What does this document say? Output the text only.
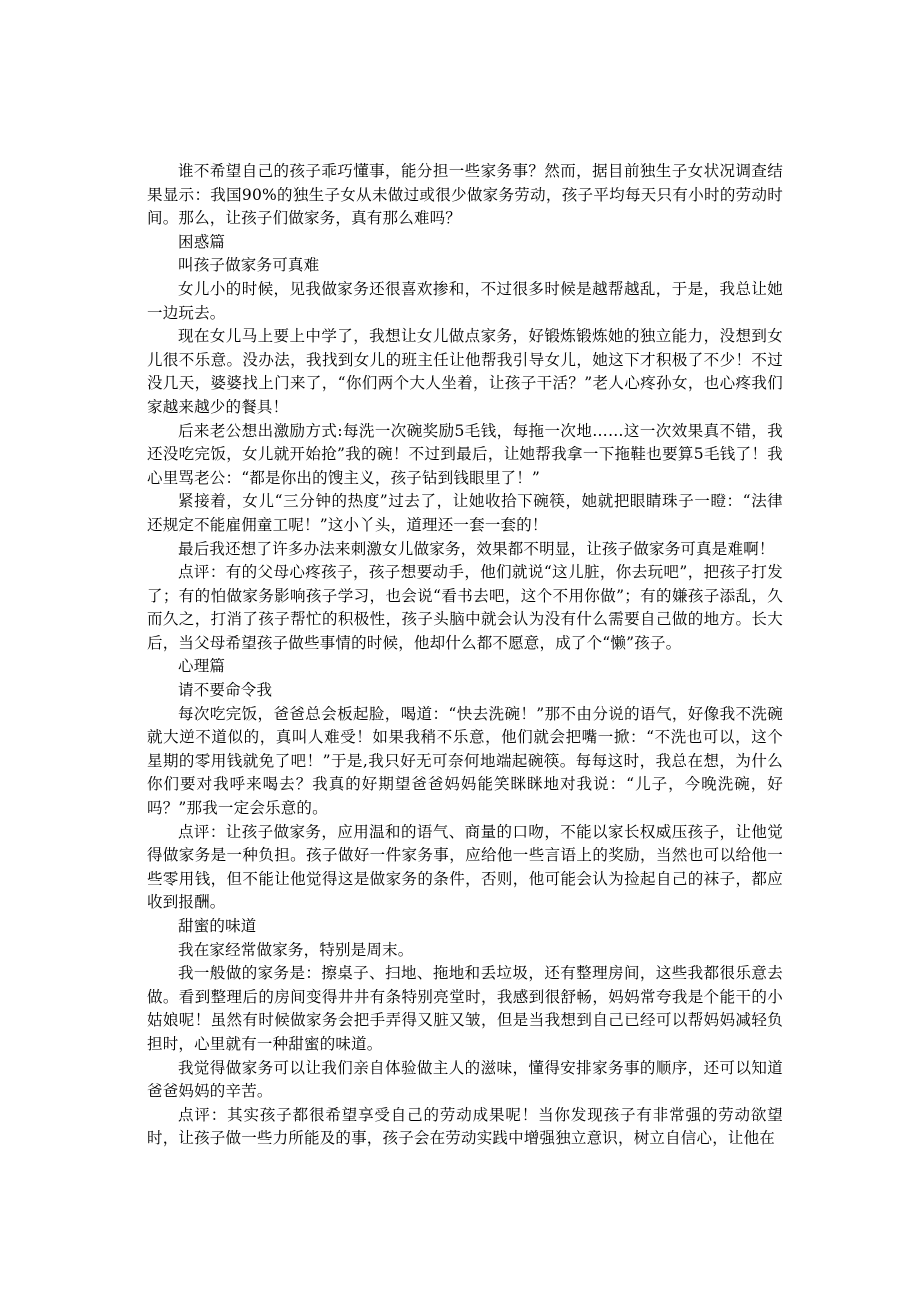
谁不希望自己的孩子乖巧懂事，能分担一些家务事？然而，据目前独生子女状况调查结果显示：我国90%的独生子女从未做过或很少做家务劳动，孩子平均每天只有小时的劳动时间。那么，让孩子们做家务，真有那么难吗？

困惑篇

叫孩子做家务可真难

女儿小的时候，见我做家务还很喜欢掺和，不过很多时候是越帮越乱，于是，我总让她一边玩去。

现在女儿马上要上中学了，我想让女儿做点家务，好锻炼锻炼她的独立能力，没想到女儿很不乐意。没办法，我找到女儿的班主任让他帮我引导女儿，她这下才积极了不少！不过没几天，婆婆找上门来了，“你们两个大人坐着，让孩子干活？”老人心疼孙女，也心疼我们家越来越少的餐具！

后来老公想出激励方式:每洗一次碗奖励5毛钱，每拖一次地……这一次效果真不错，我还没吃完饭，女儿就开始抢”我的碗！不过到最后，让她帮我拿一下拖鞋也要算5毛钱了！我心里骂老公：“都是你出的馊主义，孩子钻到钱眼里了！”

紧接着，女儿“三分钟的热度”过去了，让她收拾下碗筷，她就把眼睛珠子一瞪：“法律还规定不能雇佣童工呢！”这小丫头，道理还一套一套的！

最后我还想了许多办法来刺激女儿做家务，效果都不明显，让孩子做家务可真是难啊！

点评：有的父母心疼孩子，孩子想要动手，他们就说“这儿脏，你去玩吧”，把孩子打发了；有的怕做家务影响孩子学习，也会说“看书去吧，这个不用你做”；有的嫌孩子添乱，久而久之，打消了孩子帮忙的积极性，孩子头脑中就会认为没有什么需要自己做的地方。长大后，当父母希望孩子做些事情的时候，他却什么都不愿意，成了个“懒”孩子。

心理篇

请不要命令我

每次吃完饭，爸爸总会板起脸，喝道：“快去洗碗！”那不由分说的语气，好像我不洗碗就大逆不道似的，真叫人难受！如果我稍不乐意，他们就会把嘴一掀：“不洗也可以，这个星期的零用钱就免了吧！”于是,我只好无可奈何地端起碗筷。每每这时，我总在想，为什么你们要对我呼来喝去？我真的好期望爸爸妈妈能笑眯眯地对我说：“儿子，今晚洗碗，好吗？”那我一定会乐意的。

点评：让孩子做家务，应用温和的语气、商量的口吻，不能以家长权威压孩子，让他觉得做家务是一种负担。孩子做好一件家务事，应给他一些言语上的奖励，当然也可以给他一些零用钱，但不能让他觉得这是做家务的条件，否则，他可能会认为捡起自己的袜子，都应收到报酬。

甜蜜的味道

我在家经常做家务，特别是周末。

我一般做的家务是：擦桌子、扫地、拖地和丢垃圾，还有整理房间，这些我都很乐意去做。看到整理后的房间变得井井有条特别亮堂时，我感到很舒畅，妈妈常夸我是个能干的小姑娘呢！虽然有时候做家务会把手弄得又脏又皱，但是当我想到自己已经可以帮妈妈减轻负担时，心里就有一种甜蜜的味道。

我觉得做家务可以让我们亲自体验做主人的滋味，懂得安排家务事的顺序，还可以知道爸爸妈妈的辛苦。

点评：其实孩子都很希望享受自己的劳动成果呢！当你发现孩子有非常强的劳动欲望时，让孩子做一些力所能及的事，孩子会在劳动实践中增强独立意识，树立自信心，让他在
